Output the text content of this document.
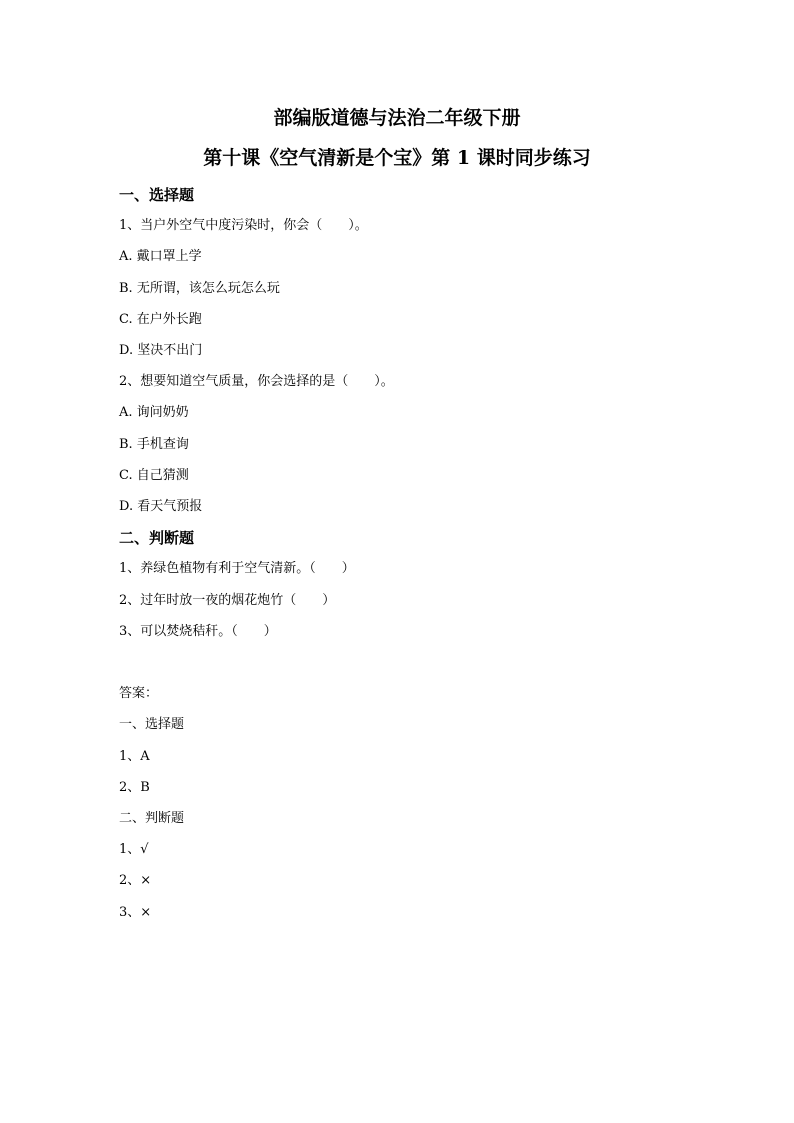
部编版道德与法治二年级下册
第十课《空气清新是个宝》第 1 课时同步练习
一、选择题
1、当户外空气中度污染时，你会（　　）。
A. 戴口罩上学
B. 无所谓，该怎么玩怎么玩
C. 在户外长跑
D. 坚决不出门
2、想要知道空气质量，你会选择的是（　　）。
A. 询问奶奶
B. 手机查询
C. 自己猜测
D. 看天气预报
二、判断题
1、养绿色植物有利于空气清新。（　　）
2、过年时放一夜的烟花炮竹（　　）
3、可以焚烧秸秆。（　　）
答案：
一、选择题
1、A
2、B
二、判断题
1、√
2、×
3、×
